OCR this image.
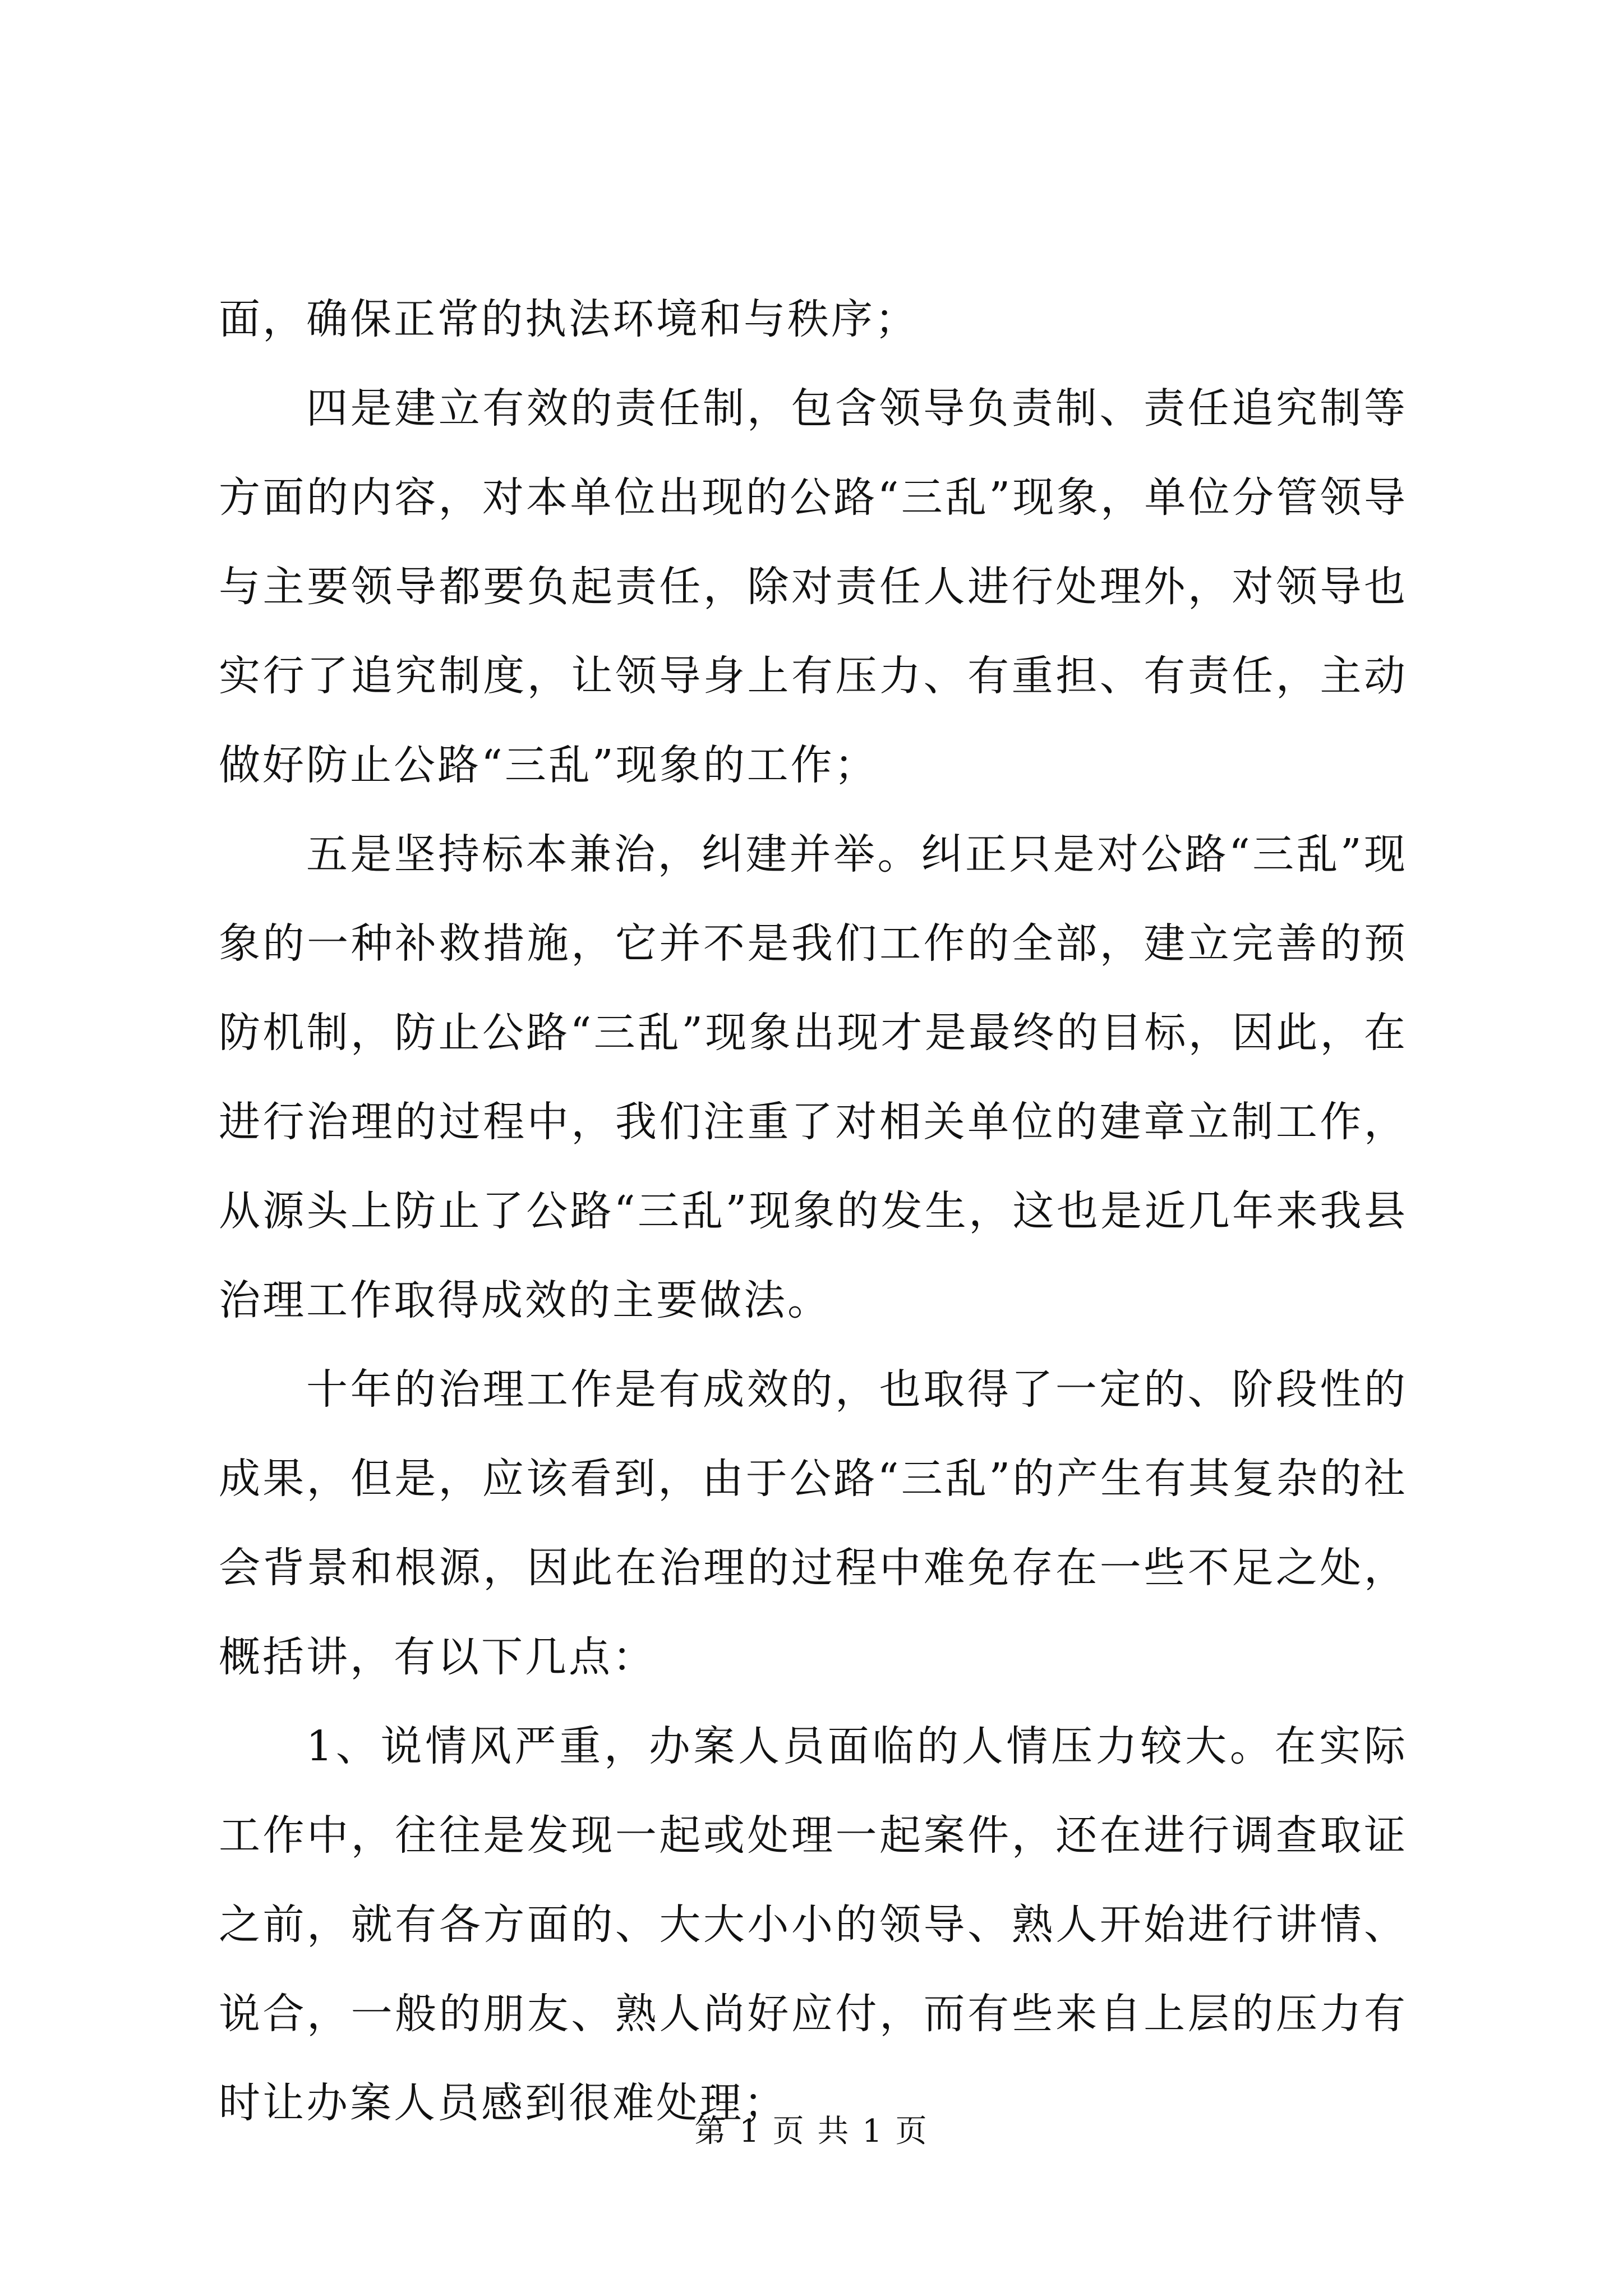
面，确保正常的执法环境和与秩序；

四是建立有效的责任制，包含领导负责制、责任追究制等方面的内容，对本单位出现的公路“三乱”现象，单位分管领导与主要领导都要负起责任，除对责任人进行处理外，对领导也实行了追究制度，让领导身上有压力、有重担、有责任，主动做好防止公路“三乱”现象的工作；

五是坚持标本兼治，纠建并举。纠正只是对公路“三乱”现象的一种补救措施，它并不是我们工作的全部，建立完善的预防机制，防止公路“三乱”现象出现才是最终的目标，因此，在进行治理的过程中，我们注重了对相关单位的建章立制工作，从源头上防止了公路“三乱”现象的发生，这也是近几年来我县治理工作取得成效的主要做法。

十年的治理工作是有成效的，也取得了一定的、阶段性的成果，但是，应该看到，由于公路“三乱”的产生有其复杂的社会背景和根源，因此在治理的过程中难免存在一些不足之处，概括讲，有以下几点：

1、说情风严重，办案人员面临的人情压力较大。在实际工作中，往往是发现一起或处理一起案件，还在进行调查取证之前，就有各方面的、大大小小的领导、熟人开始进行讲情、说合，一般的朋友、熟人尚好应付，而有些来自上层的压力有时让办案人员感到很难处理；

第 1 页 共 1 页
